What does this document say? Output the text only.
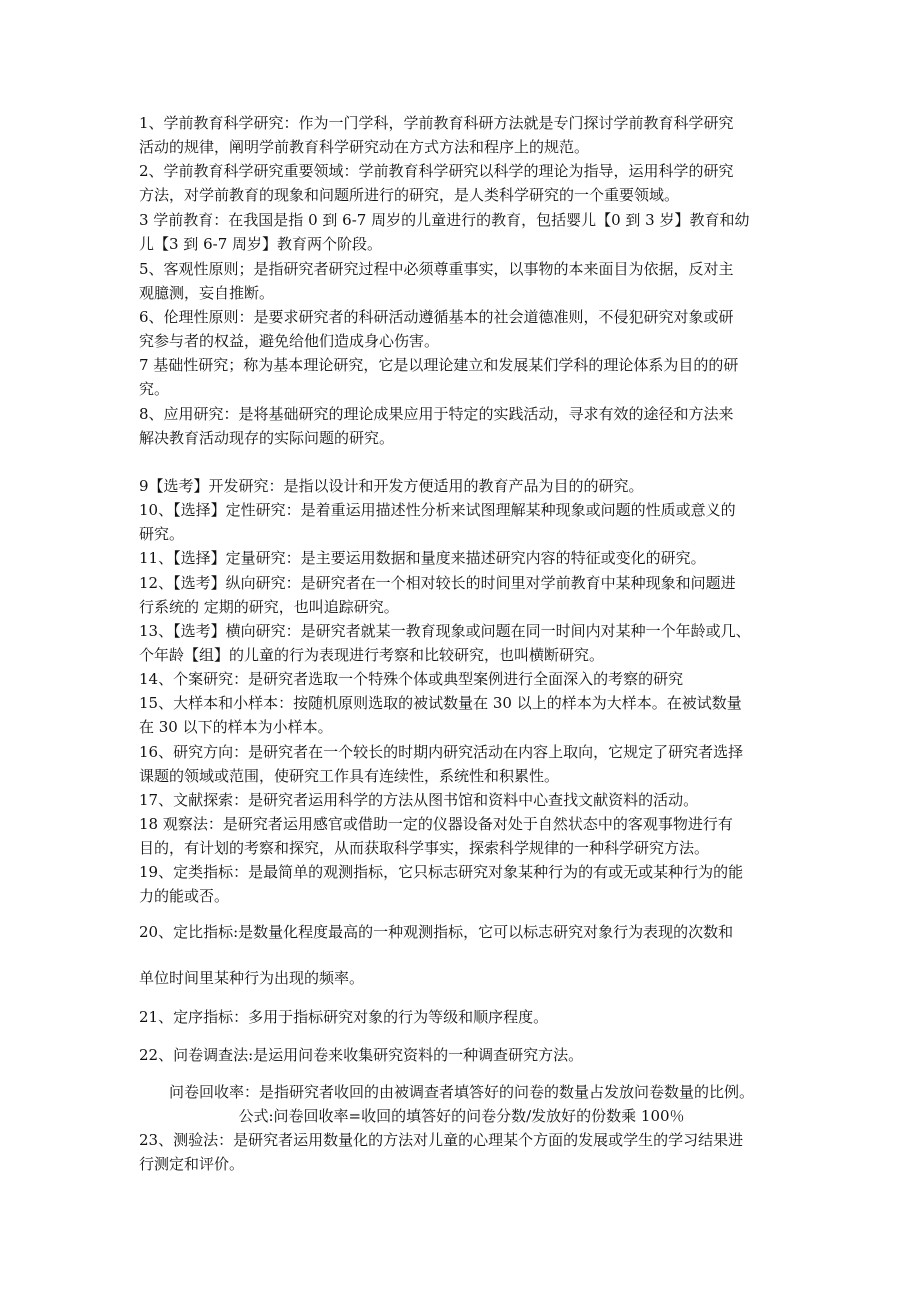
1、学前教育科学研究：作为一门学科，学前教育科研方法就是专门探讨学前教育科学研究
活动的规律，阐明学前教育科学研究动在方式方法和程序上的规范。
2、学前教育科学研究重要领域：学前教育科学研究以科学的理论为指导，运用科学的研究
方法，对学前教育的现象和问题所进行的研究，是人类科学研究的一个重要领域。
3 学前教育：在我国是指 0 到 6-7 周岁的儿童进行的教育，包括婴儿【0 到 3 岁】教育和幼
儿【3 到 6-7 周岁】教育两个阶段。
5、客观性原则；是指研究者研究过程中必须尊重事实，以事物的本来面目为依据，反对主
观臆测，妄自推断。
6、伦理性原则：是要求研究者的科研活动遵循基本的社会道德准则，不侵犯研究对象或研
究参与者的权益，避免给他们造成身心伤害。
7 基础性研究；称为基本理论研究，它是以理论建立和发展某们学科的理论体系为目的的研
究。
8、应用研究：是将基础研究的理论成果应用于特定的实践活动，寻求有效的途径和方法来
解决教育活动现存的实际问题的研究。
9【选考】开发研究：是指以设计和开发方便适用的教育产品为目的的研究。
10、【选择】定性研究：是着重运用描述性分析来试图理解某种现象或问题的性质或意义的
研究。
11、【选择】定量研究：是主要运用数据和量度来描述研究内容的特征或变化的研究。
12、【选考】纵向研究：是研究者在一个相对较长的时间里对学前教育中某种现象和问题进
行系统的 定期的研究，也叫追踪研究。
13、【选考】横向研究：是研究者就某一教育现象或问题在同一时间内对某种一个年龄或几、
个年龄【组】的儿童的行为表现进行考察和比较研究，也叫横断研究。
14、个案研究：是研究者选取一个特殊个体或典型案例进行全面深入的考察的研究
15、大样本和小样本：按随机原则选取的被试数量在 30 以上的样本为大样本。在被试数量
在 30 以下的样本为小样本。
16、研究方向：是研究者在一个较长的时期内研究活动在内容上取向，它规定了研究者选择
课题的领域或范围，使研究工作具有连续性，系统性和积累性。
17、文献探索：是研究者运用科学的方法从图书馆和资料中心查找文献资料的活动。
18 观察法：是研究者运用感官或借助一定的仪器设备对处于自然状态中的客观事物进行有
目的，有计划的考察和探究，从而获取科学事实，探索科学规律的一种科学研究方法。
19、定类指标：是最简单的观测指标，它只标志研究对象某种行为的有或无或某种行为的能
力的能或否。
20、定比指标:是数量化程度最高的一种观测指标，它可以标志研究对象行为表现的次数和
单位时间里某种行为出现的频率。
21、定序指标：多用于指标研究对象的行为等级和顺序程度。
22、问卷调查法:是运用问卷来收集研究资料的一种调查研究方法。
问卷回收率：是指研究者收回的由被调查者填答好的问卷的数量占发放问卷数量的比例。
公式:问卷回收率=收回的填答好的问卷分数/发放好的份数乘 100％
23、测验法：是研究者运用数量化的方法对儿童的心理某个方面的发展或学生的学习结果进
行测定和评价。
